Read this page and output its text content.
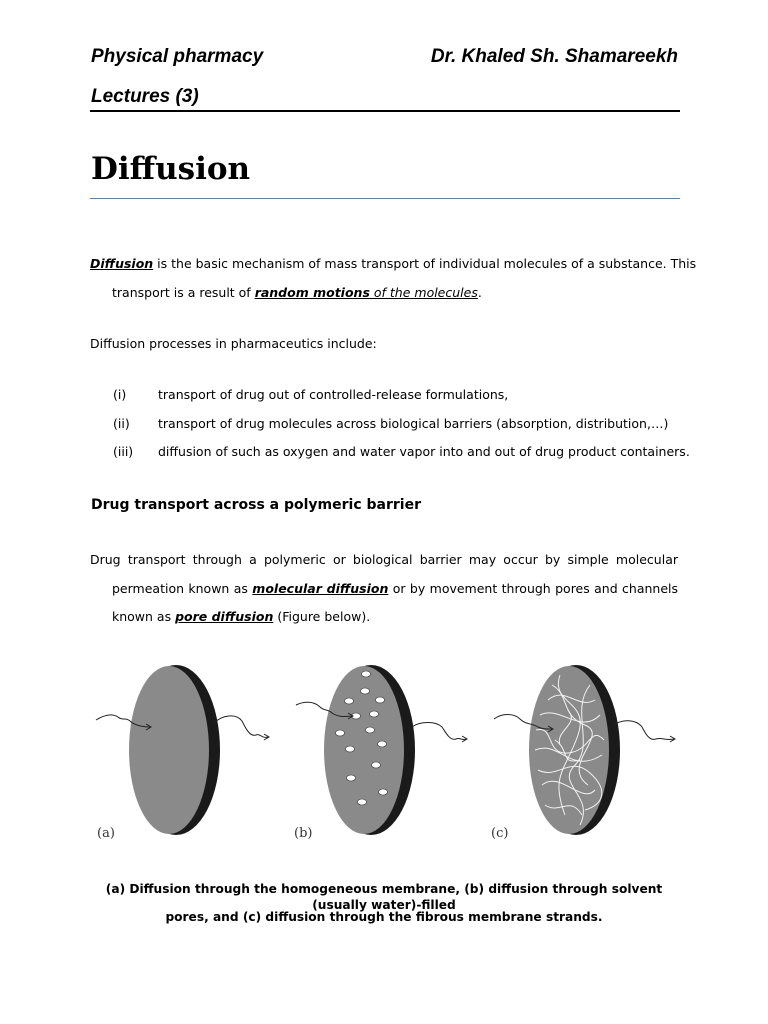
Physical pharmacy	Dr. Khaled Sh. Shamareekh
Lectures (3)
Diffusion
Diffusion is the basic mechanism of mass transport of individual molecules of a substance. This
transport is a result of random motions of the molecules.
Diffusion processes in pharmaceutics include:
(i)	transport of drug out of controlled-release formulations,
(ii) transport of drug molecules across biological barriers (absorption, distribution,…)
(iii) diffusion of such as oxygen and water vapor into and out of drug product containers.
Drug transport across a polymeric barrier
Drug transport through a polymeric or biological barrier may occur by simple molecular
permeation known as molecular diffusion or by movement through pores and channels
known as pore diffusion (Figure below).
(a)	(b)	(c)
(a) Diffusion through the homogeneous membrane, (b) diffusion through solvent (usually water)-filled
pores, and (c) diffusion through the fibrous membrane strands.
